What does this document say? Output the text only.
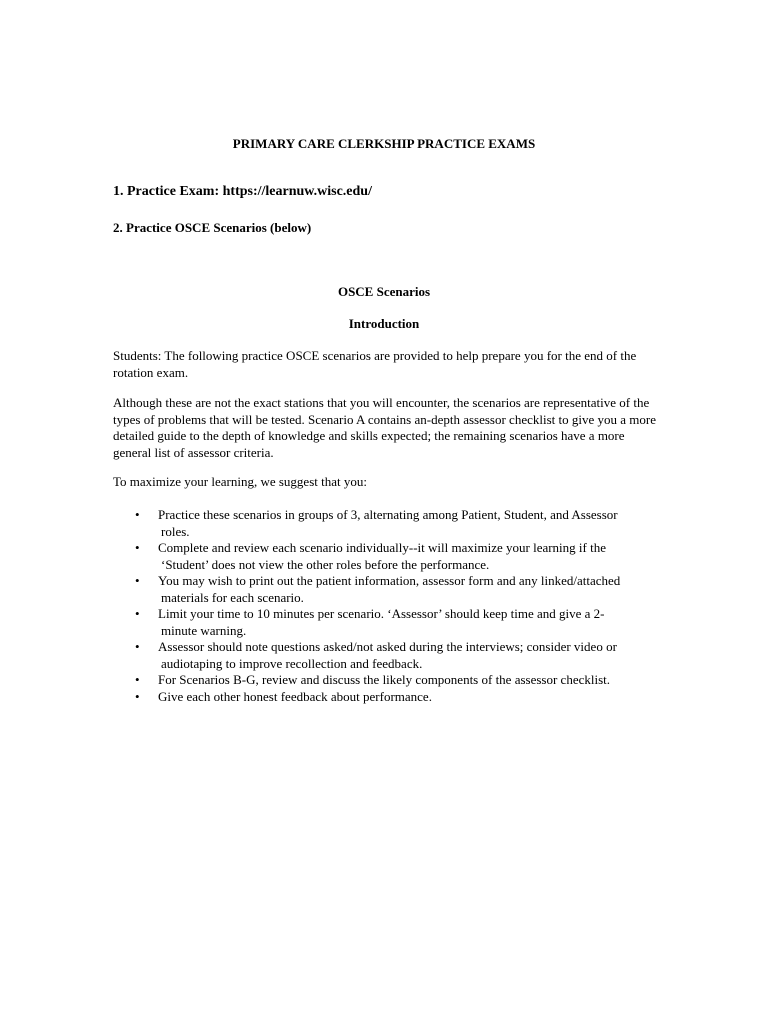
PRIMARY CARE CLERKSHIP PRACTICE EXAMS
1. Practice Exam: https://learnuw.wisc.edu/
2. Practice OSCE Scenarios (below)
OSCE Scenarios
Introduction

Students: The following practice OSCE scenarios are provided to help prepare you for the end of the rotation exam.

Although these are not the exact stations that you will encounter, the scenarios are representative of the types of problems that will be tested. Scenario A contains an-depth assessor checklist to give you a more detailed guide to the depth of knowledge and skills expected; the remaining scenarios have a more general list of assessor criteria.

To maximize your learning, we suggest that you:

• Practice these scenarios in groups of 3, alternating among Patient, Student, and Assessor
roles.
• Complete and review each scenario individually--it will maximize your learning if the
‘Student’ does not view the other roles before the performance.
• You may wish to print out the patient information, assessor form and any linked/attached
materials for each scenario.
• Limit your time to 10 minutes per scenario. ‘Assessor’ should keep time and give a 2-
minute warning.
• Assessor should note questions asked/not asked during the interviews; consider video or
audiotaping to improve recollection and feedback.
• For Scenarios B-G, review and discuss the likely components of the assessor checklist.
• Give each other honest feedback about performance.
